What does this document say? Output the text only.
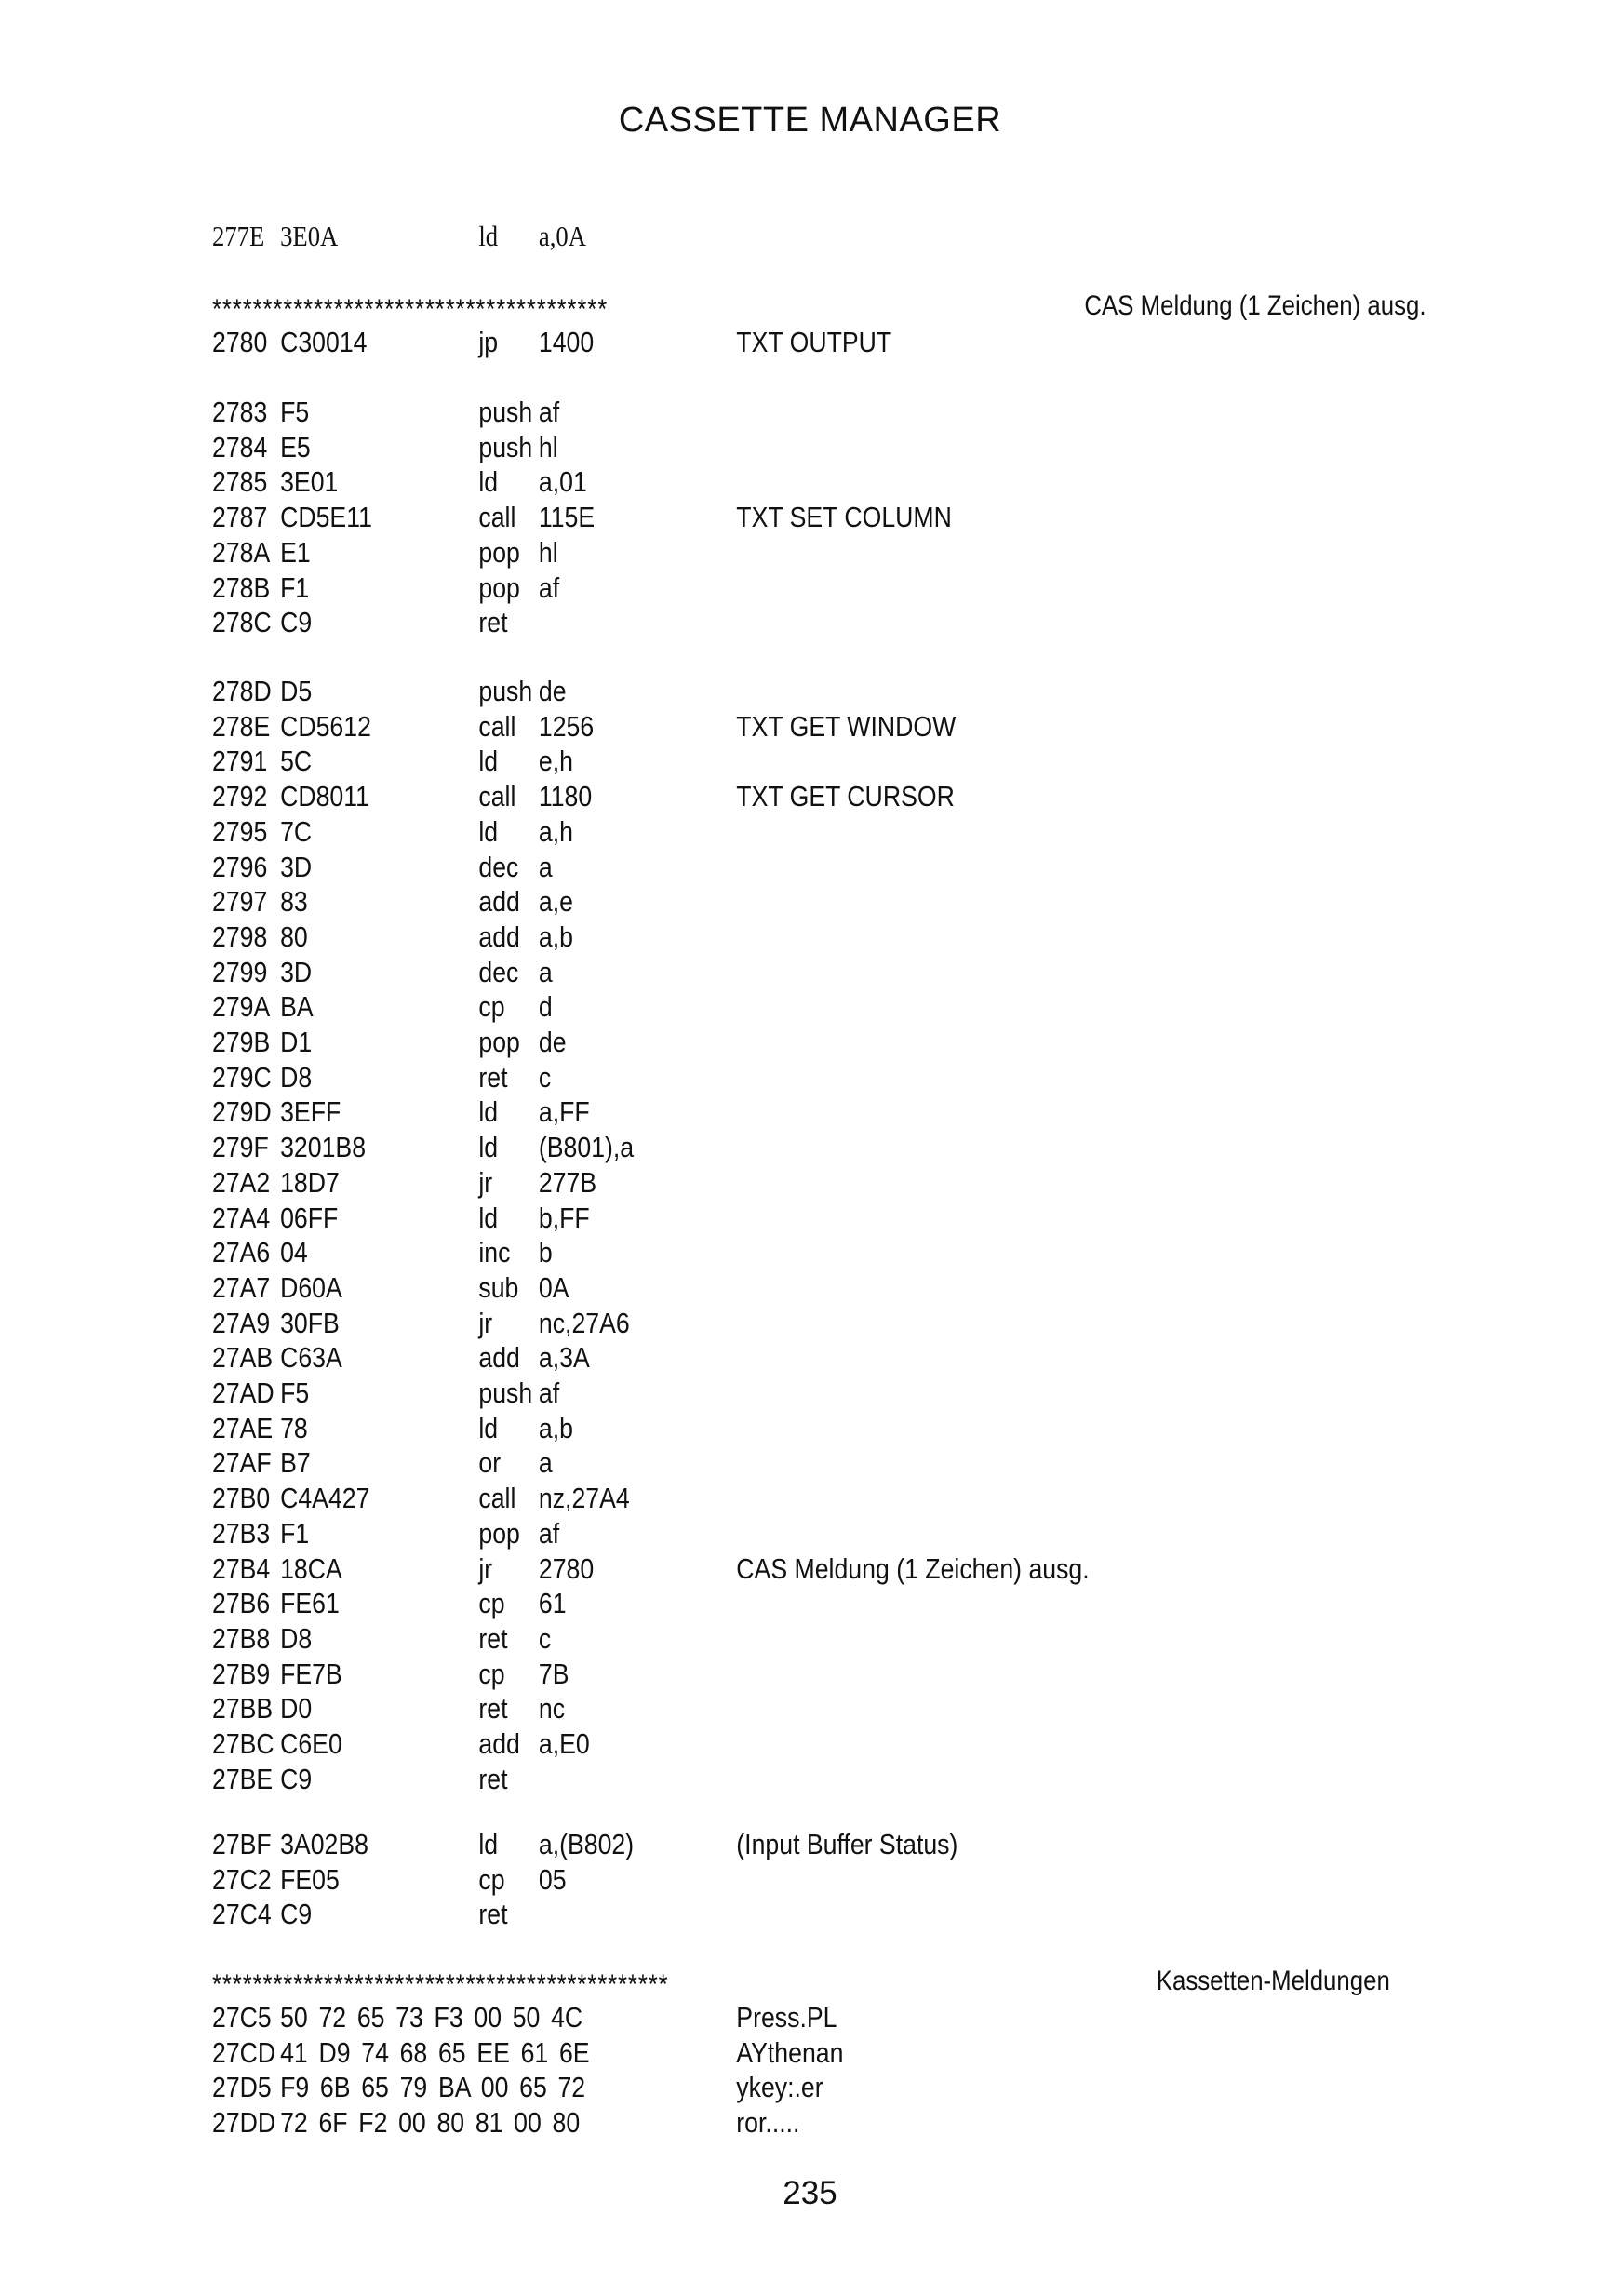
CASSETTE MANAGER
277E 3E0A	ld a,0A
***************************************	CAS Meldung (1 Zeichen) ausg.
2780 C30014	jp 1400	TXT OUTPUT
2783 F5	push af
2784 E5	push hl
2785 3E01	ld a,01
2787 CD5E11	call 115E	TXT SET COLUMN
278A E1	pop hl
278B F1	pop af
278C C9	ret
278D D5	push de
278E CD5612	call 1256	TXT GET WINDOW
2791 5C	ld e,h
2792 CD8011	call 1180	TXT GET CURSOR
2795 7C	ld a,h
2796 3D	dec a
2797 83	add a,e
2798 80	add a,b
2799 3D	dec a
279A BA	cp d
279B D1	pop de
279C D8	ret c
279D 3EFF	ld a,FF
279F 3201B8	ld (B801),a
27A2 18D7	jr 277B
27A4 06FF	ld b,FF
27A6 04	inc b
27A7 D60A	sub 0A
27A9 30FB	jr nc,27A6
27AB C63A	add a,3A
27AD F5	push af
27AE 78	ld a,b
27AF B7	or a
27B0 C4A427	call nz,27A4
27B3 F1	pop af
27B4 18CA	jr 2780	CAS Meldung (1 Zeichen) ausg.
27B6 FE61	cp 61
27B8 D8	ret c
27B9 FE7B	cp 7B
27BB D0	ret nc
27BC C6E0	add a,E0
27BE C9	ret
27BF 3A02B8	ld a,(B802)	(Input Buffer Status)
27C2 FE05	cp 05
27C4 C9	ret
*********************************************	Kassetten-Meldungen
27C5 50 72 65 73 F3 00 50 4C	Press.PL
27CD 41 D9 74 68 65 EE 61 6E	AYthenan
27D5 F9 6B 65 79 BA 00 65 72	ykey:.er
27DD 72 6F F2 00 80 81 00 80	ror.....
235
